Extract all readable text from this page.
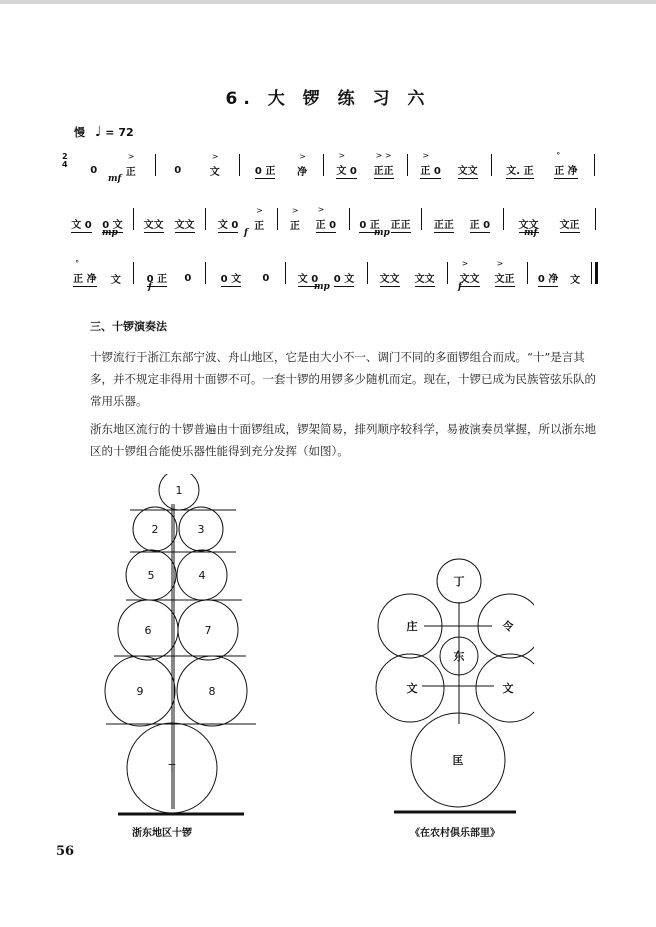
6. 大 锣 练 习 六
慢 ♩ = 72
2
4 0
>
正	0
>
文	0 正
>
净
>
文 0
> >
正正
>
正 0 文文	文. 正
°
正 净
mf
文 0 0 文 文文 文文 文 0
>
正
>
正
>
正 0 0 正 正正 正正 正 0	文文 文正
mp	f	mp	mf
°
正 净 文	0 正 0	0 文 0	文 0 0 文	文文 文文
>
文文
>
文正 0 净 文
f	mp	f
三、十锣演奏法

十锣流行于浙江东部宁波、舟山地区，它是由大小不一、调门不同的多面锣组合而成。“十”是言其多，并不规定非得用十面锣不可。一套十锣的用锣多少随机而定。现在，十锣已成为民族管弦乐队的常用乐器。

浙东地区流行的十锣普遍由十面锣组成，锣架简易，排列顺序较科学，易被演奏员掌握，所以浙东地区的十锣组合能使乐器性能得到充分发挥（如图）。

1
2	3
5	4
6	7
9	8
T
浙东地区十锣
丁
庄	令
东
文	文
匡
《在农村俱乐部里》
56
